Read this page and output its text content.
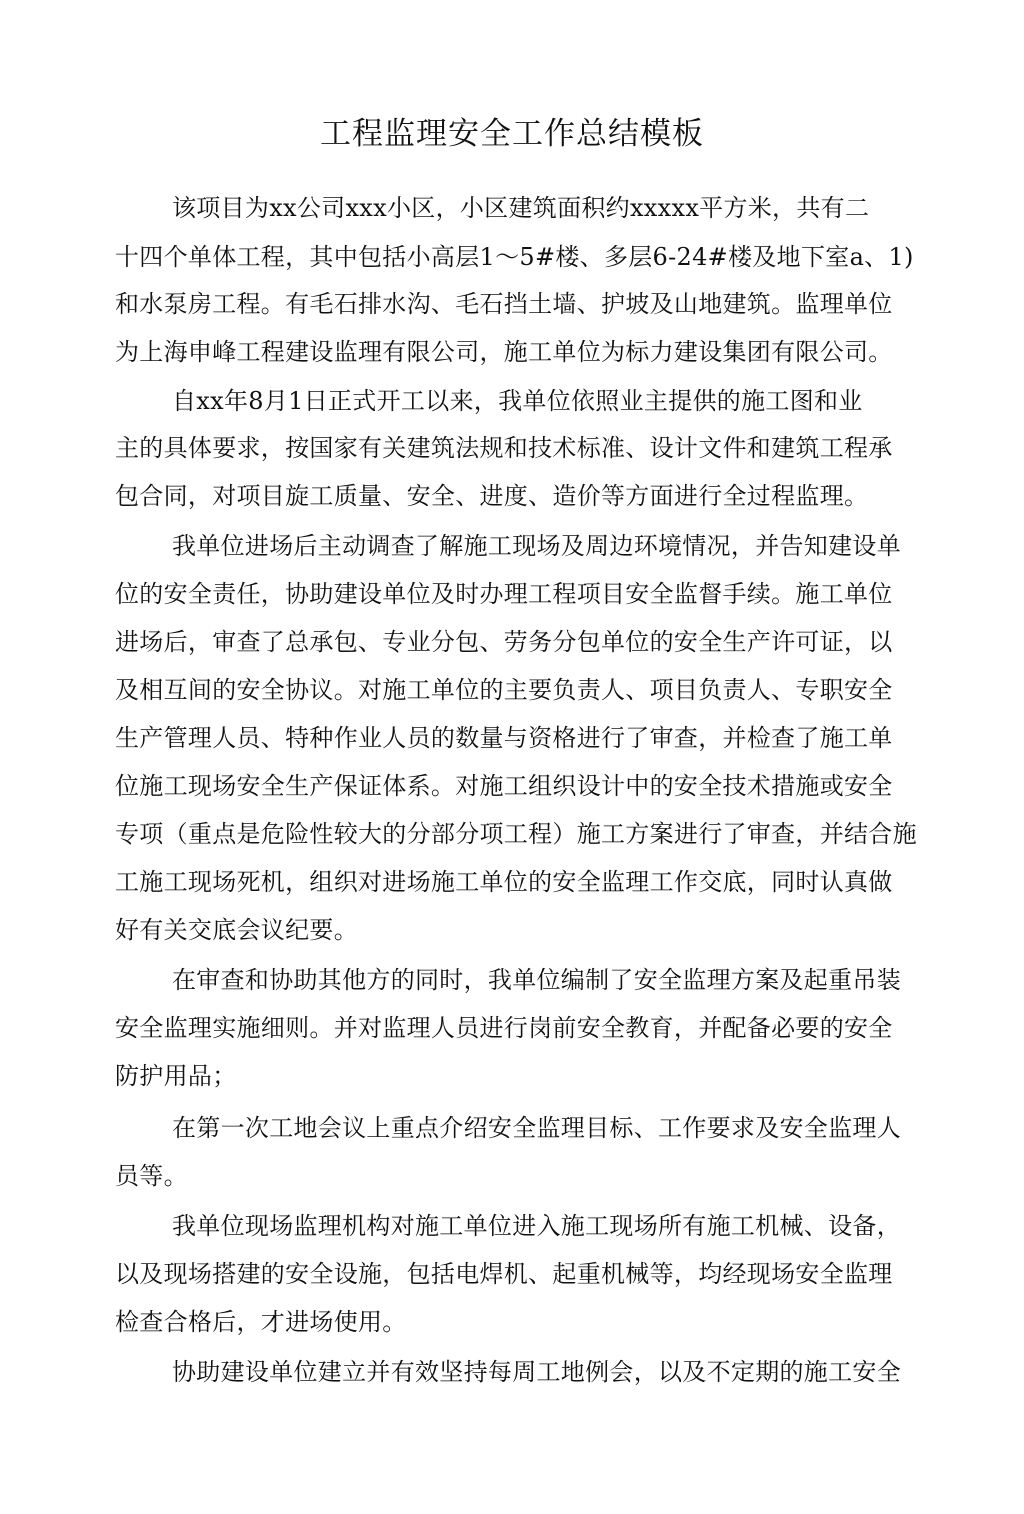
工程监理安全工作总结模板
该项目为xx公司xxx小区，小区建筑面积约xxxxx平方米，共有二
十四个单体工程，其中包括小高层1～5#楼、多层6-24#楼及地下室a、1)
和水泵房工程。有毛石排水沟、毛石挡土墙、护坡及山地建筑。监理单位
为上海申峰工程建设监理有限公司，施工单位为标力建设集团有限公司。
自xx年8月1日正式开工以来，我单位依照业主提供的施工图和业
主的具体要求，按国家有关建筑法规和技术标准、设计文件和建筑工程承
包合同，对项目旋工质量、安全、进度、造价等方面进行全过程监理。
我单位进场后主动调查了解施工现场及周边环境情况，并告知建设单
位的安全责任，协助建设单位及时办理工程项目安全监督手续。施工单位
进场后，审查了总承包、专业分包、劳务分包单位的安全生产许可证，以
及相互间的安全协议。对施工单位的主要负责人、项目负责人、专职安全
生产管理人员、特种作业人员的数量与资格进行了审查，并检查了施工单
位施工现场安全生产保证体系。对施工组织设计中的安全技术措施或安全
专项（重点是危险性较大的分部分项工程）施工方案进行了审查，并结合施
工施工现场死机，组织对进场施工单位的安全监理工作交底，同时认真做
好有关交底会议纪要。
在审查和协助其他方的同时，我单位编制了安全监理方案及起重吊装
安全监理实施细则。并对监理人员进行岗前安全教育，并配备必要的安全
防护用品；
在第一次工地会议上重点介绍安全监理目标、工作要求及安全监理人
员等。
我单位现场监理机构对施工单位进入施工现场所有施工机械、设备，
以及现场搭建的安全设施，包括电焊机、起重机械等，均经现场安全监理
检查合格后，才进场使用。
协助建设单位建立并有效坚持每周工地例会，以及不定期的施工安全
